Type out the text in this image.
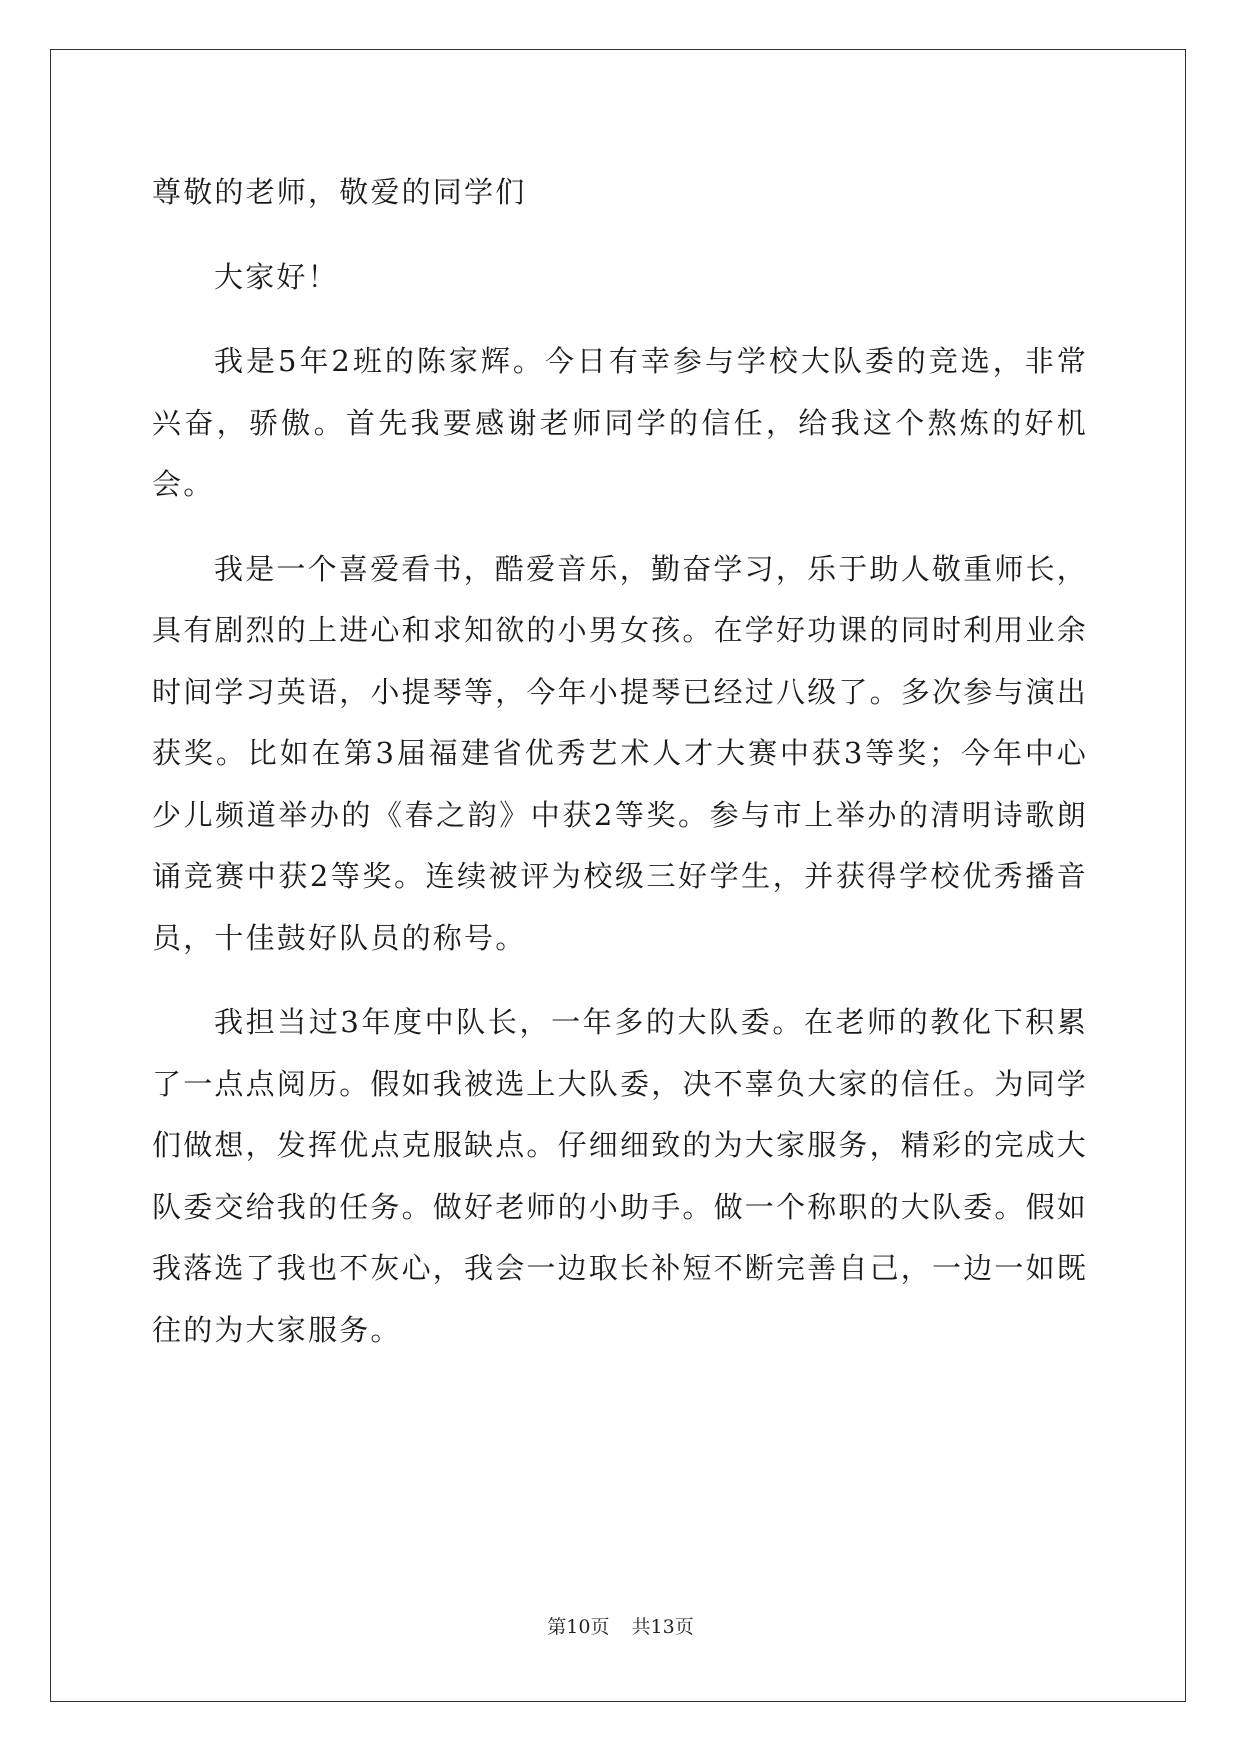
尊敬的老师，敬爱的同学们

大家好！

我是5年2班的陈家辉。今日有幸参与学校大队委的竞选，非常兴奋，骄傲。首先我要感谢老师同学的信任，给我这个熬炼的好机会。

我是一个喜爱看书，酷爱音乐，勤奋学习，乐于助人敬重师长，具有剧烈的上进心和求知欲的小男女孩。在学好功课的同时利用业余时间学习英语，小提琴等，今年小提琴已经过八级了。多次参与演出获奖。比如在第3届福建省优秀艺术人才大赛中获3等奖；今年中心少儿频道举办的《春之韵》中获2等奖。参与市上举办的清明诗歌朗诵竞赛中获2等奖。连续被评为校级三好学生，并获得学校优秀播音员，十佳鼓好队员的称号。

我担当过3年度中队长，一年多的大队委。在老师的教化下积累了一点点阅历。假如我被选上大队委，决不辜负大家的信任。为同学们做想，发挥优点克服缺点。仔细细致的为大家服务，精彩的完成大队委交给我的任务。做好老师的小助手。做一个称职的大队委。假如我落选了我也不灰心，我会一边取长补短不断完善自己，一边一如既往的为大家服务。

第10页 共13页
